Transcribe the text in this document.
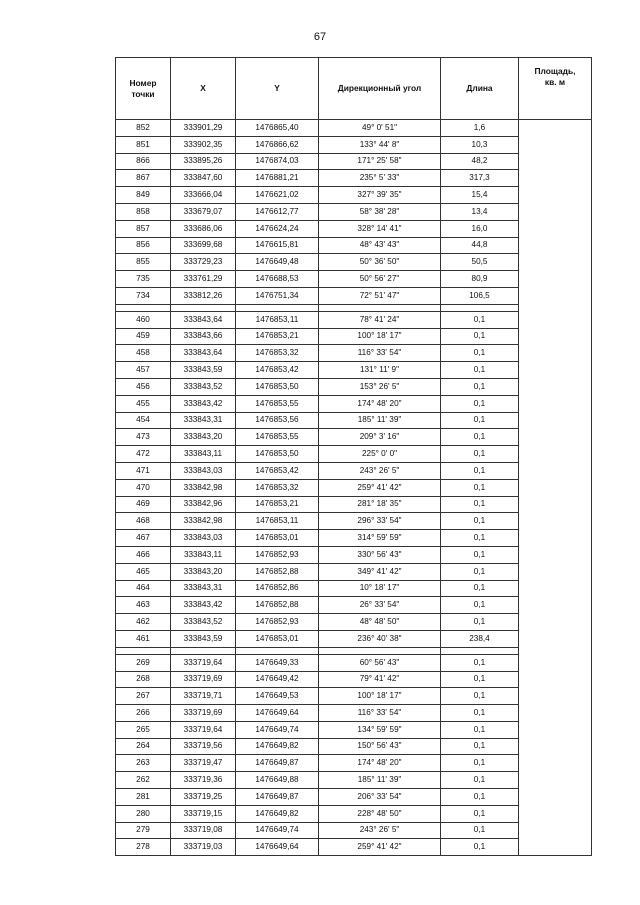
67
Номер
точки	X	Y	Дирекционный угол	Длина	Площадь,
кв. м
852	333901,29	1476865,40	49° 0' 51"	1,6	
851	333902,35	1476866,62	133° 44' 8"	10,3	
866	333895,26	1476874,03	171° 25' 58"	48,2	
867	333847,60	1476881,21	235° 5' 33"	317,3	
849	333666,04	1476621,02	327° 39' 35"	15,4	
858	333679,07	1476612,77	58° 38' 28"	13,4	
857	333686,06	1476624,24	328° 14' 41"	16,0	
856	333699,68	1476615,81	48° 43' 43"	44,8	
855	333729,23	1476649,48	50° 36' 50"	50,5	
735	333761,29	1476688,53	50° 56' 27"	80,9	
734	333812,26	1476751,34	72° 51' 47"	106,5	

460	333843,64	1476853,11	78° 41' 24"	0,1	
459	333843,66	1476853,21	100° 18' 17"	0,1	
458	333843,64	1476853,32	116° 33' 54"	0,1	
457	333843,59	1476853,42	131° 11' 9"	0,1	
456	333843,52	1476853,50	153° 26' 5"	0,1	
455	333843,42	1476853,55	174° 48' 20"	0,1	
454	333843,31	1476853,56	185° 11' 39"	0,1	
473	333843,20	1476853,55	209° 3' 16"	0,1	
472	333843,11	1476853,50	225° 0' 0"	0,1	
471	333843,03	1476853,42	243° 26' 5"	0,1	
470	333842,98	1476853,32	259° 41' 42"	0,1	
469	333842,96	1476853,21	281° 18' 35"	0,1	
468	333842,98	1476853,11	296° 33' 54"	0,1	
467	333843,03	1476853,01	314° 59' 59"	0,1	
466	333843,11	1476852,93	330° 56' 43"	0,1	
465	333843,20	1476852,88	349° 41' 42"	0,1	
464	333843,31	1476852,86	10° 18' 17"	0,1	
463	333843,42	1476852,88	26° 33' 54"	0,1	
462	333843,52	1476852,93	48° 48' 50"	0,1	
461	333843,59	1476853,01	236° 40' 38"	238,4	

269	333719,64	1476649,33	60° 56' 43"	0,1	
268	333719,69	1476649,42	79° 41' 42"	0,1	
267	333719,71	1476649,53	100° 18' 17"	0,1	
266	333719,69	1476649,64	116° 33' 54"	0,1	
265	333719,64	1476649,74	134° 59' 59"	0,1	
264	333719,56	1476649,82	150° 56' 43"	0,1	
263	333719,47	1476649,87	174° 48' 20"	0,1	
262	333719,36	1476649,88	185° 11' 39"	0,1	
281	333719,25	1476649,87	206° 33' 54"	0,1	
280	333719,15	1476649,82	228° 48' 50"	0,1	
279	333719,08	1476649,74	243° 26' 5"	0,1	
278	333719,03	1476649,64	259° 41' 42"	0,1	
